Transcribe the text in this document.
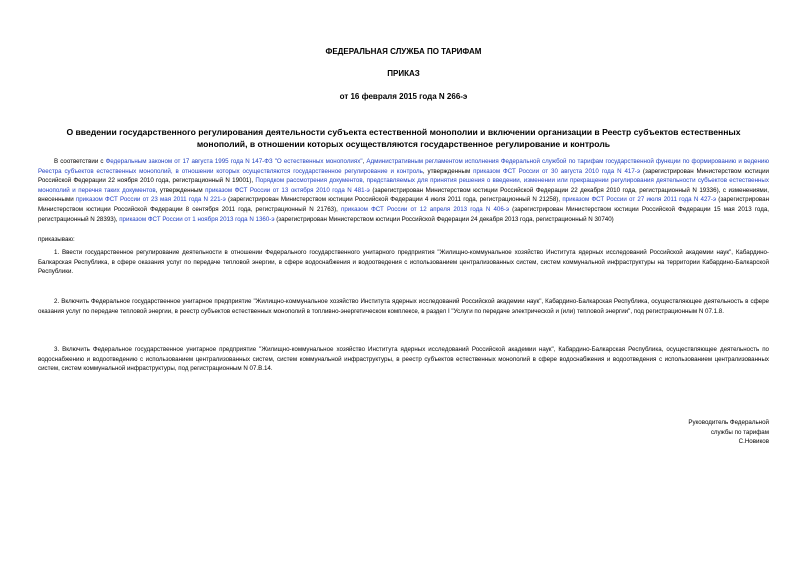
ФЕДЕРАЛЬНАЯ СЛУЖБА ПО ТАРИФАМ
ПРИКАЗ
от 16 февраля 2015 года N 266-э
О введении государственного регулирования деятельности субъекта естественной монополии и включении организации в Реестр субъектов естественных монополий, в отношении которых осуществляются государственное регулирование и контроль

В соответствии с Федеральным законом от 17 августа 1995 года N 147-ФЗ "О естественных монополиях", Административным регламентом исполнения Федеральной службой по тарифам государственной функции по формированию и ведению Реестра субъектов естественных монополий, в отношении которых осуществляются государственное регулирование и контроль, утвержденным приказом ФСТ России от 30 августа 2010 года N 417-э (зарегистрирован Министерством юстиции Российской Федерации 22 ноября 2010 года, регистрационный N 19001), Порядком рассмотрения документов, представляемых для принятия решения о введении, изменении или прекращении регулирования деятельности субъектов естественных монополий и перечня таких документов, утвержденным приказом ФСТ России от 13 октября 2010 года N 481-э (зарегистрирован Министерством юстиции Российской Федерации 22 декабря 2010 года, регистрационный N 19336), с изменениями, внесенными приказом ФСТ России от 23 мая 2011 года N 221-э (зарегистрирован Министерством юстиции Российской Федерации 4 июля 2011 года, регистрационный N 21258), приказом ФСТ России от 27 июля 2011 года N 427-э (зарегистрирован Министерством юстиции Российской Федерации 8 сентября 2011 года, регистрационный N 21763), приказом ФСТ России от 12 апреля 2013 года N 406-э (зарегистрирован Министерством юстиции Российской Федерации 15 мая 2013 года, регистрационный N 28393), приказом ФСТ России от 1 ноября 2013 года N 1360-э (зарегистрирован Министерством юстиции Российской Федерации 24 декабря 2013 года, регистрационный N 30740)

приказываю:

1. Ввести государственное регулирование деятельности в отношении Федерального государственного унитарного предприятия "Жилищно-коммунальное хозяйство Института ядерных исследований Российской академии наук", Кабардино-Балкарская Республика, в сфере оказания услуг по передаче тепловой энергии, в сфере водоснабжения и водоотведения с использованием централизованных систем, систем коммунальной инфраструктуры на территории Кабардино-Балкарской Республики.

2. Включить Федеральное государственное унитарное предприятие "Жилищно-коммунальное хозяйство Института ядерных исследований Российской академии наук", Кабардино-Балкарская Республика, осуществляющее деятельность в сфере оказания услуг по передаче тепловой энергии, в реестр субъектов естественных монополий в топливно-энергетическом комплексе, в раздел I "Услуги по передаче электрической и (или) тепловой энергии", под регистрационным N 07.1.8.

3. Включить Федеральное государственное унитарное предприятие "Жилищно-коммунальное хозяйство Института ядерных исследований Российской академии наук", Кабардино-Балкарская Республика, осуществляющее деятельность по водоснабжению и водоотведению с использованием централизованных систем, систем коммунальной инфраструктуры, в реестр субъектов естественных монополий в сфере водоснабжения и водоотведения с использованием централизованных систем, систем коммунальной инфраструктуры, под регистрационным N 07.В.14.

Руководитель Федеральной
службы по тарифам
С.Новиков
